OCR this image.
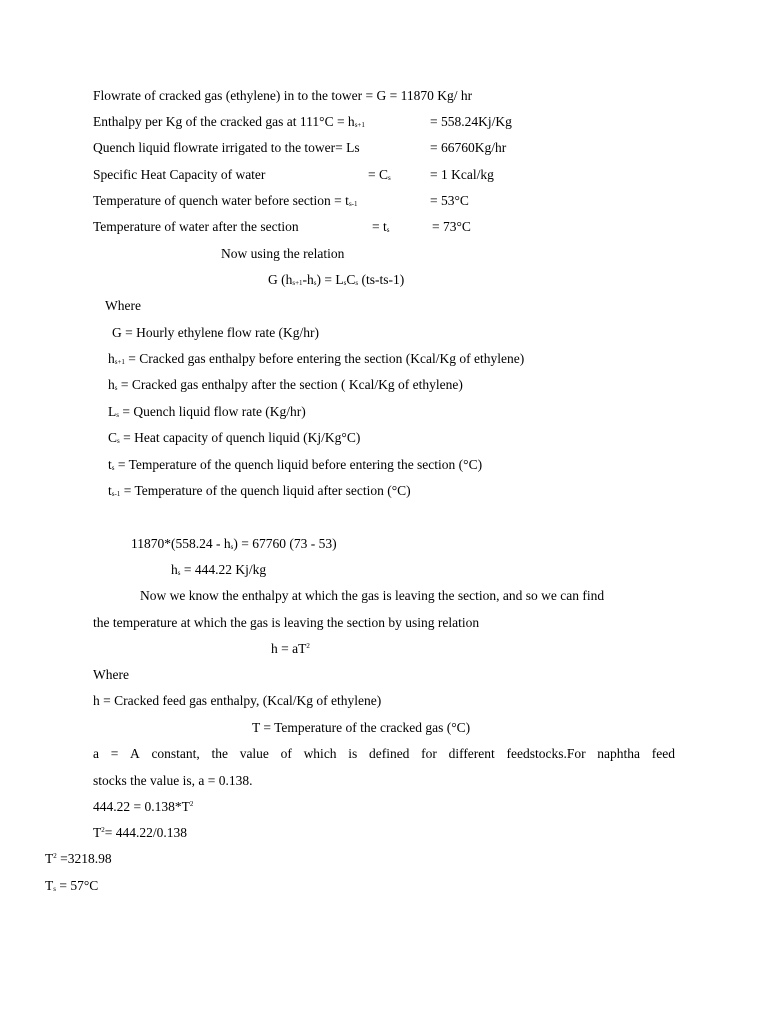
Flowrate of cracked gas (ethylene) in to the tower = G = 11870 Kg/ hr
Enthalpy per Kg of the cracked gas at $111^\circ C = h_{s+1}$	= 558.24Kj/Kg
Quench liquid flowrate irrigated to the tower= Ls	= 66760Kg/hr
Specific Heat Capacity of water	= $C_s$	= 1 Kcal/kg
Temperature of quench water before section = $t_{s-1}$	= 53°C
Temperature of water after the section	= $t_s$	= 73°C
Now using the relation
G $(h_{s+1}-h_s) = L_sC_s$ (ts-ts-1)
Where
G = Hourly ethylene flow rate (Kg/hr)
$h_{s+1}$ = Cracked gas enthalpy before entering the section (Kcal/Kg of ethylene)
$h_s$ = Cracked gas enthalpy after the section ( Kcal/Kg of ethylene)
$L_s$ = Quench liquid flow rate (Kg/hr)
$C_s$ = Heat capacity of quench liquid (Kj/Kg°C)
$t_s$ = Temperature of the quench liquid before entering the section (°C)
$t_{s-1}$ = Temperature of the quench liquid after section (°C)
$11870*(558.24 - h_s) = 67760$ (73 - 53)
$h_s = 444.22$ Kj/kg
Now we know the enthalpy at which the gas is leaving the section, and so we can find
the temperature at which the gas is leaving the section by using relation
$h = aT^2$
Where
h = Cracked feed gas enthalpy, (Kcal/Kg of ethylene)
T = Temperature of the cracked gas (°C)
a = A constant, the value of which is defined for different feedstocks.For naphtha feed
stocks the value is, a = 0.138.
$444.22 = 0.138*T^2$
$T^2= 444.22/0.138$
$T^2 =3218.98$
$T_s = 57^\circ C$
